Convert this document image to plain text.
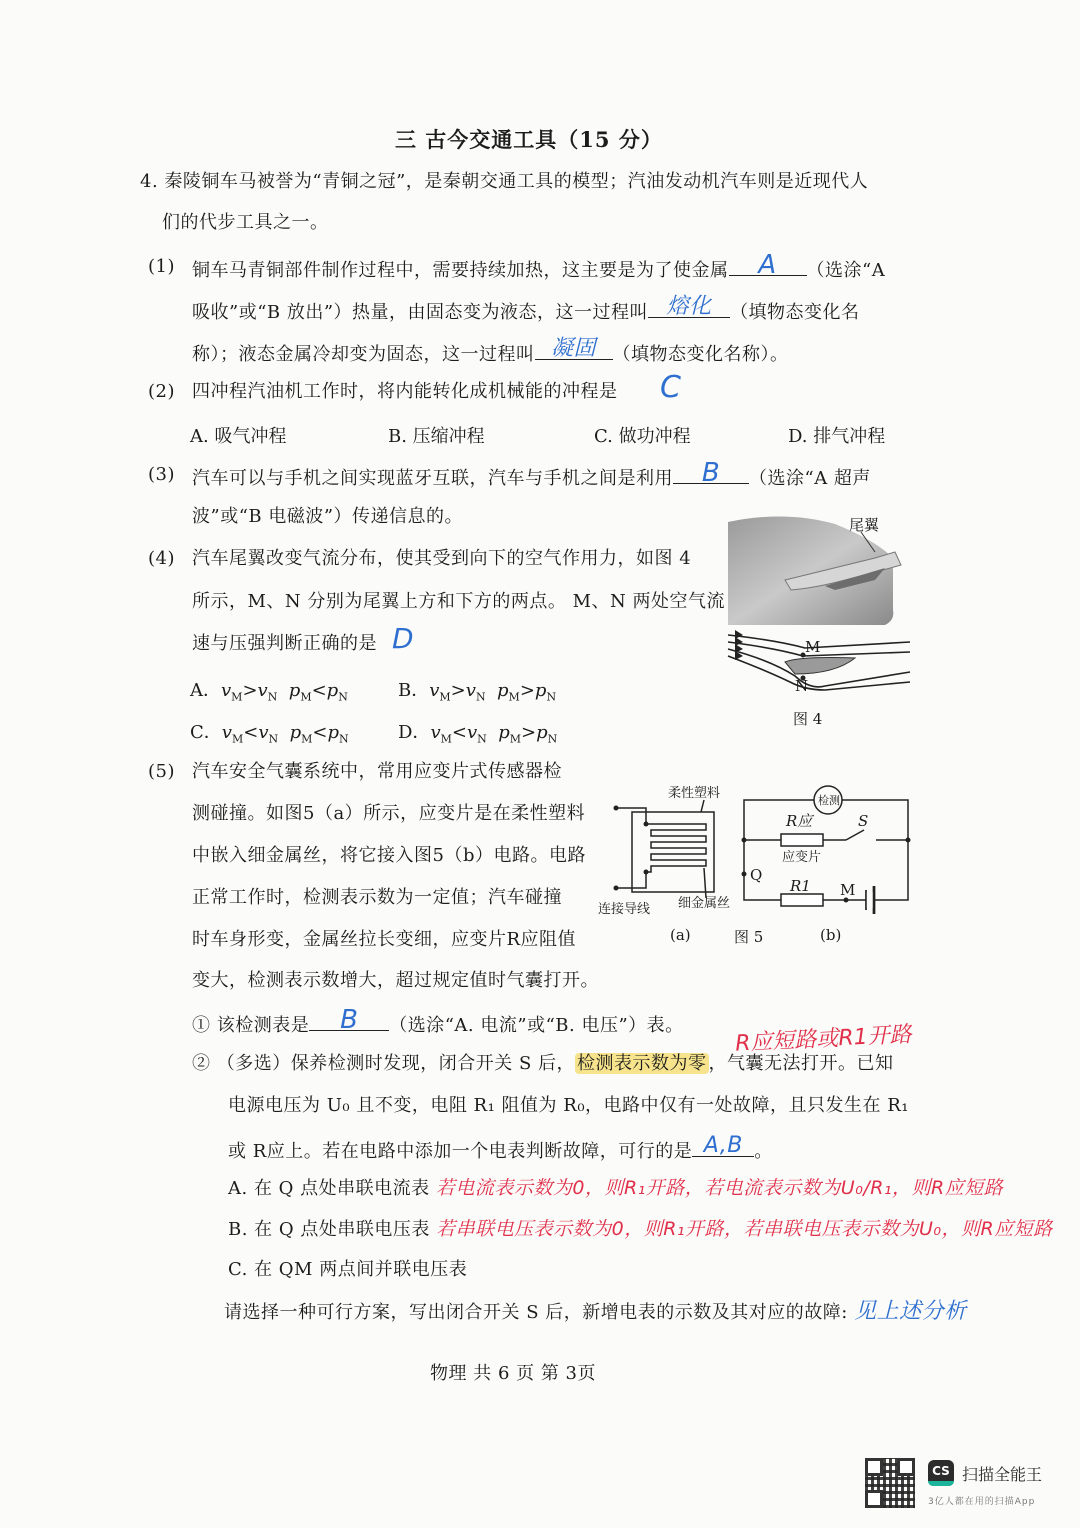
三 古今交通工具（15 分）
4. 秦陵铜车马被誉为“青铜之冠”，是秦朝交通工具的模型；汽油发动机汽车则是近现代人
们的代步工具之一。
(1) 铜车马青铜部件制作过程中，需要持续加热，这主要是为了使金属	A	（选涂“A
吸收”或“B 放出”）热量，由固态变为液态，这一过程叫 熔化	（填物态变化名
称）；液态金属冷却变为固态，这一过程叫 凝固 （填物态变化名称）。
(2) 四冲程汽油机工作时，将内能转化成机械能的冲程是 C
A. 吸气冲程	B. 压缩冲程	C. 做功冲程	D. 排气冲程
(3) 汽车可以与手机之间实现蓝牙互联，汽车与手机之间是利用	B	（选涂“A 超声
波”或“B 电磁波”）传递信息的。
(4) 汽车尾翼改变气流分布，使其受到向下的空气作用力，如图 4
所示，M、N 分别为尾翼上方和下方的两点。 M、N 两处空气流
速与压强判断正确的是 D
A．$v_M>v_N$ $p_M<p_N$	B．$v_M>v_N$ $p_M>p_N$
C．$v_M<v_N$ $p_M<p_N$	D．$v_M<v_N$ $p_M>p_N$
尾翼
M
N
图 4
(5) 汽车安全气囊系统中，常用应变片式传感器检
测碰撞。如图5（a）所示，应变片是在柔性塑料
中嵌入细金属丝，将它接入图5（b）电路。电路
正常工作时，检测表示数为一定值；汽车碰撞
时车身形变，金属丝拉长变细，应变片R应阻值
变大，检测表示数增大，超过规定值时气囊打开。
柔性塑料
细金属丝
连接导线
(a)
检测
R应
应变片
S
Q
R1 M
图 5	(b)
① 该检测表是	B	（选涂“A. 电流”或“B. 电压”）表。 R应短路或R1开路
② （多选）保养检测时发现，闭合开关 S 后， 检测表示数为零 ，气囊无法打开。已知
电源电压为 U₀ 且不变，电阻 R₁ 阻值为 R₀，电路中仅有一处故障，且只发生在 R₁
或 R应上。若在电路中添加一个电表判断故障，可行的是 A,B 。
A. 在 Q 点处串联电流表 若电流表示数为0，则R₁开路，若电流表示数为U₀/R₁，则R应短路
B. 在 Q 点处串联电压表 若串联电压表示数为0，则R₁开路，若串联电压表示数为U₀，则R应短路
C. 在 QM 两点间并联电压表
请选择一种可行方案，写出闭合开关 S 后，新增电表的示数及其对应的故障: 见上述分析
物理 共 6 页 第 3页
CS 扫描全能王
3亿人都在用的扫描App
